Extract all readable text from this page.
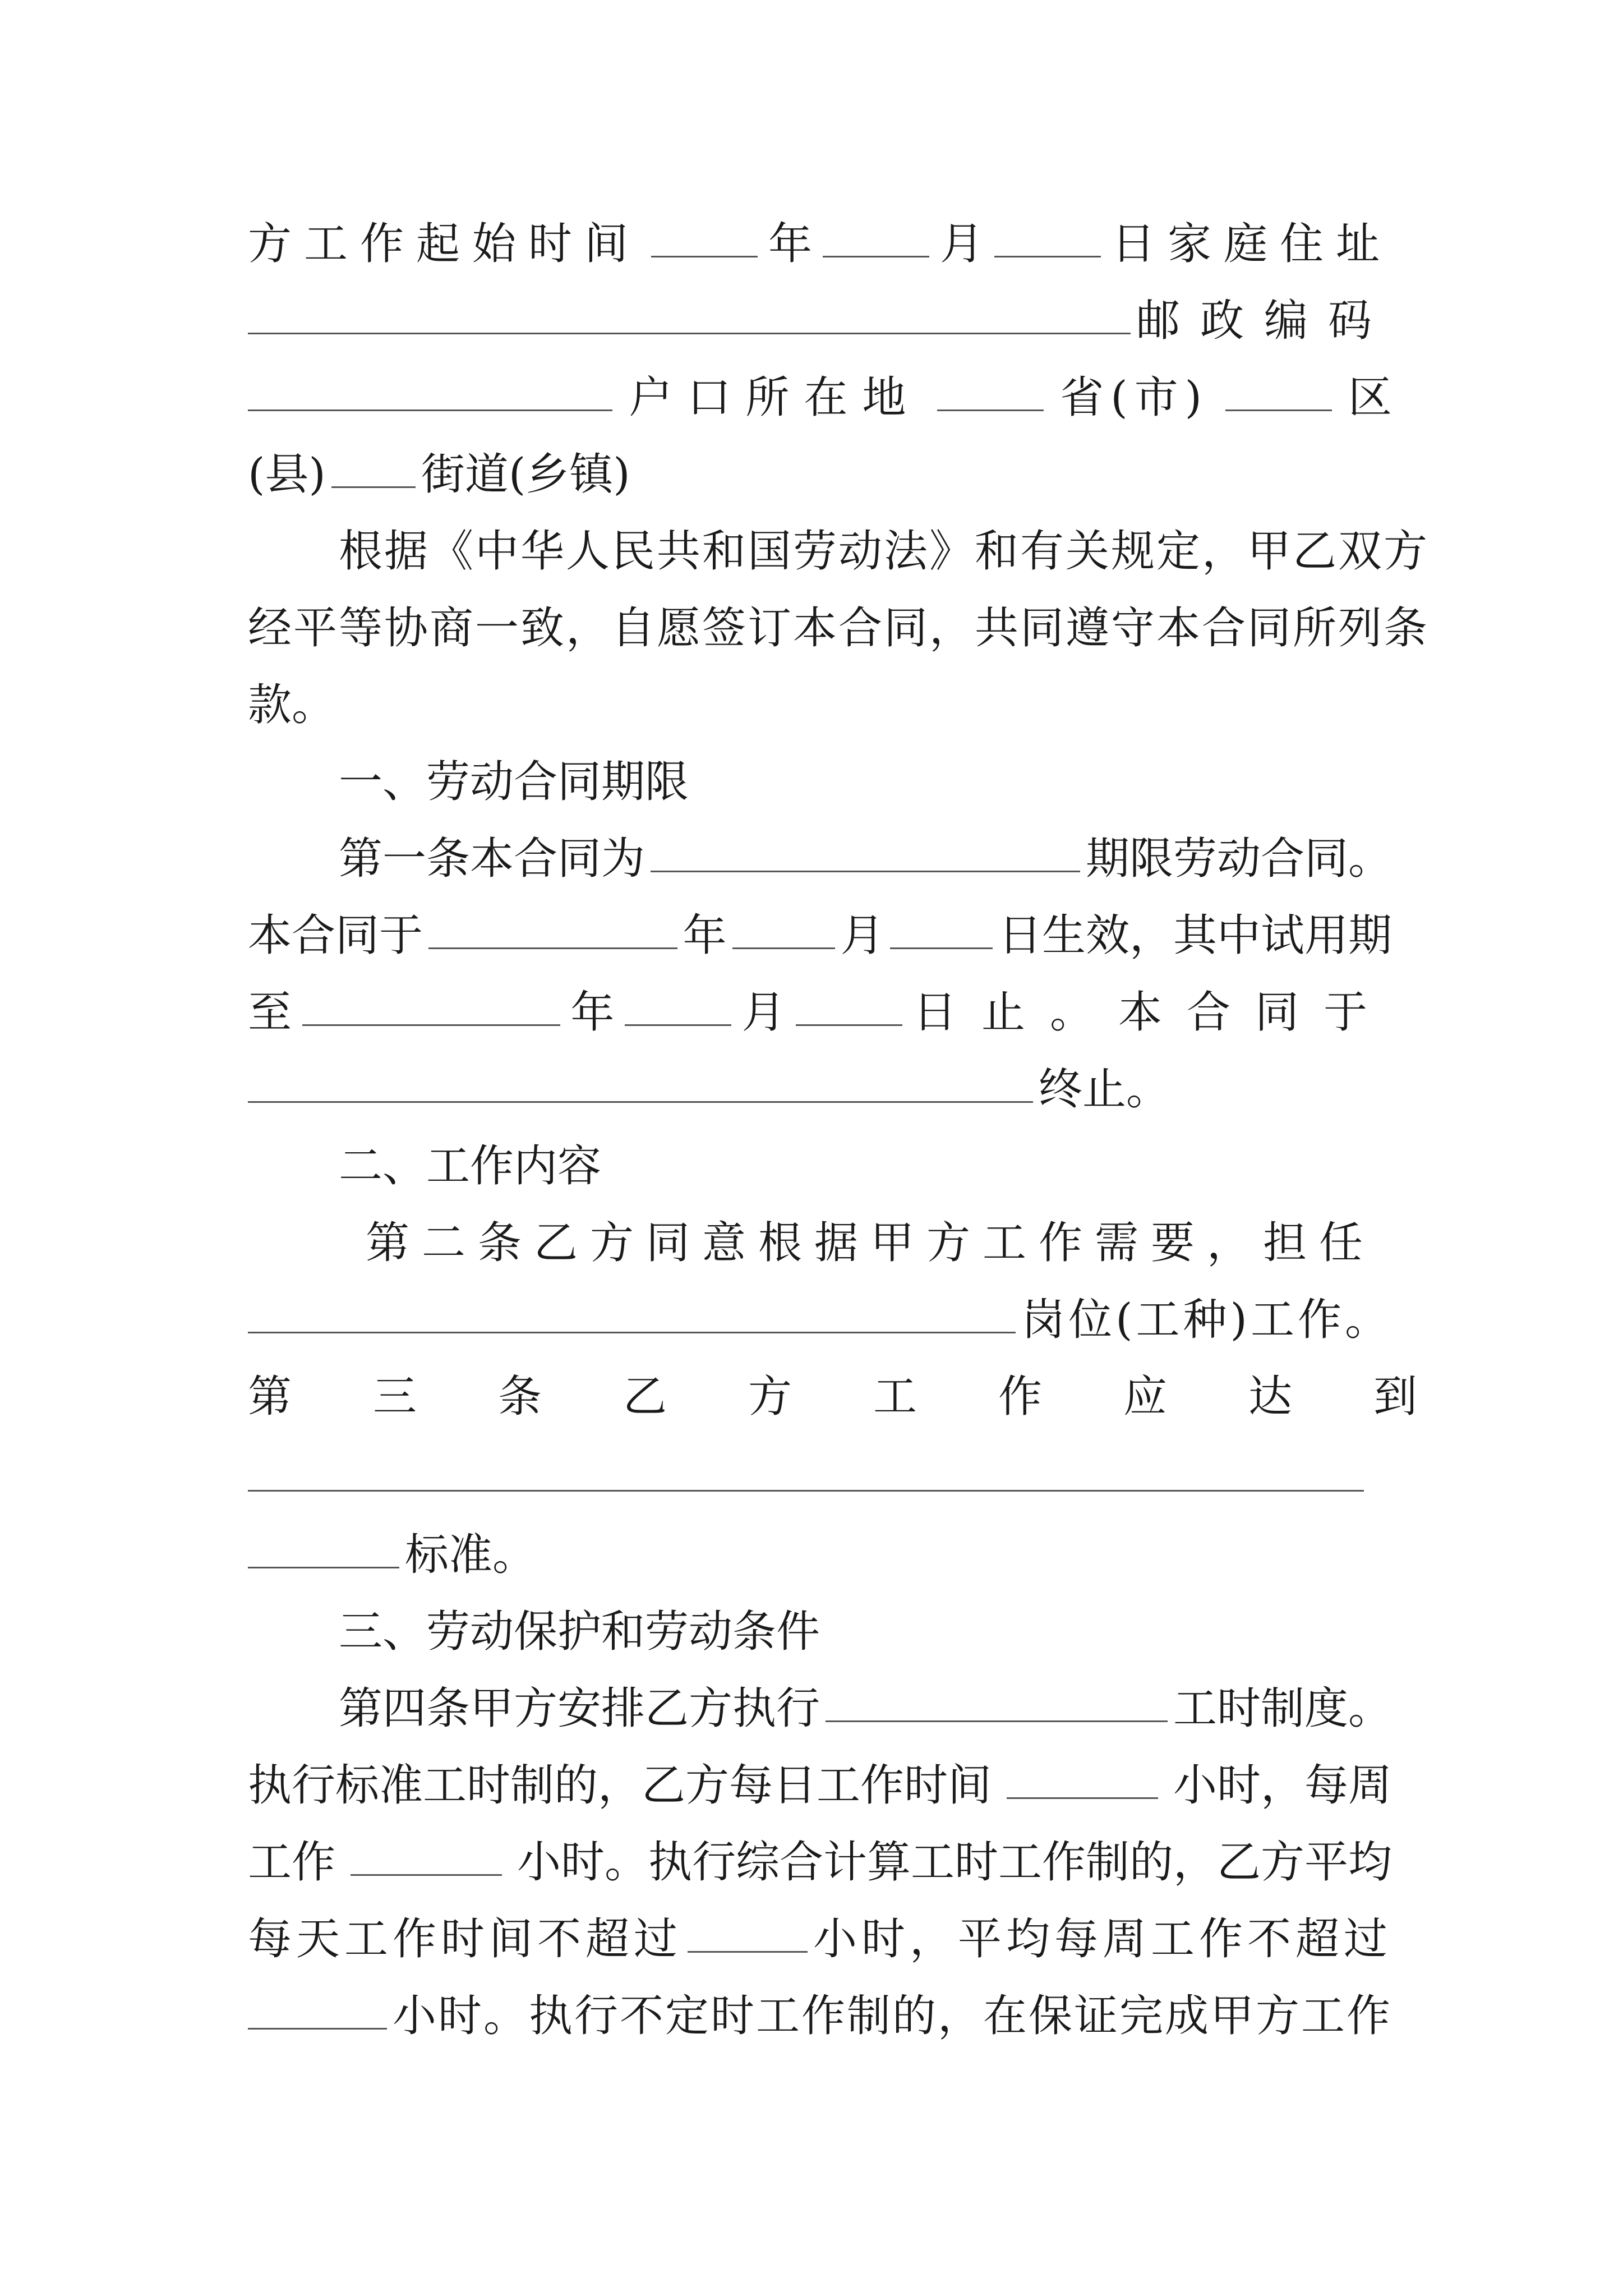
方工作起始时间	年	月	日家庭住址
邮政编码
户口所在地	省(市)	区
(县) 街道(乡镇)
根据《中华人民共和国劳动法》和有关规定，甲乙双方
经平等协商一致，自愿签订本合同，共同遵守本合同所列条
款。
一、劳动合同期限
第一条本合同为	期限劳动合同。
本合同于	年	月	日生效，其中试用期
至	年	月	日止。本合同于
终止。
二、工作内容
第二条乙方同意根据甲方工作需要，担任
岗位(工种)工作。
第三条乙方工作应达到
标准。
三、劳动保护和劳动条件
第四条甲方安排乙方执行	工时制度。
执行标准工时制的，乙方每日工作时间	小时，每周
工作	小时。执行综合计算工时工作制的，乙方平均
每天工作时间不超过	小时，平均每周工作不超过
小时。执行不定时工作制的，在保证完成甲方工作
